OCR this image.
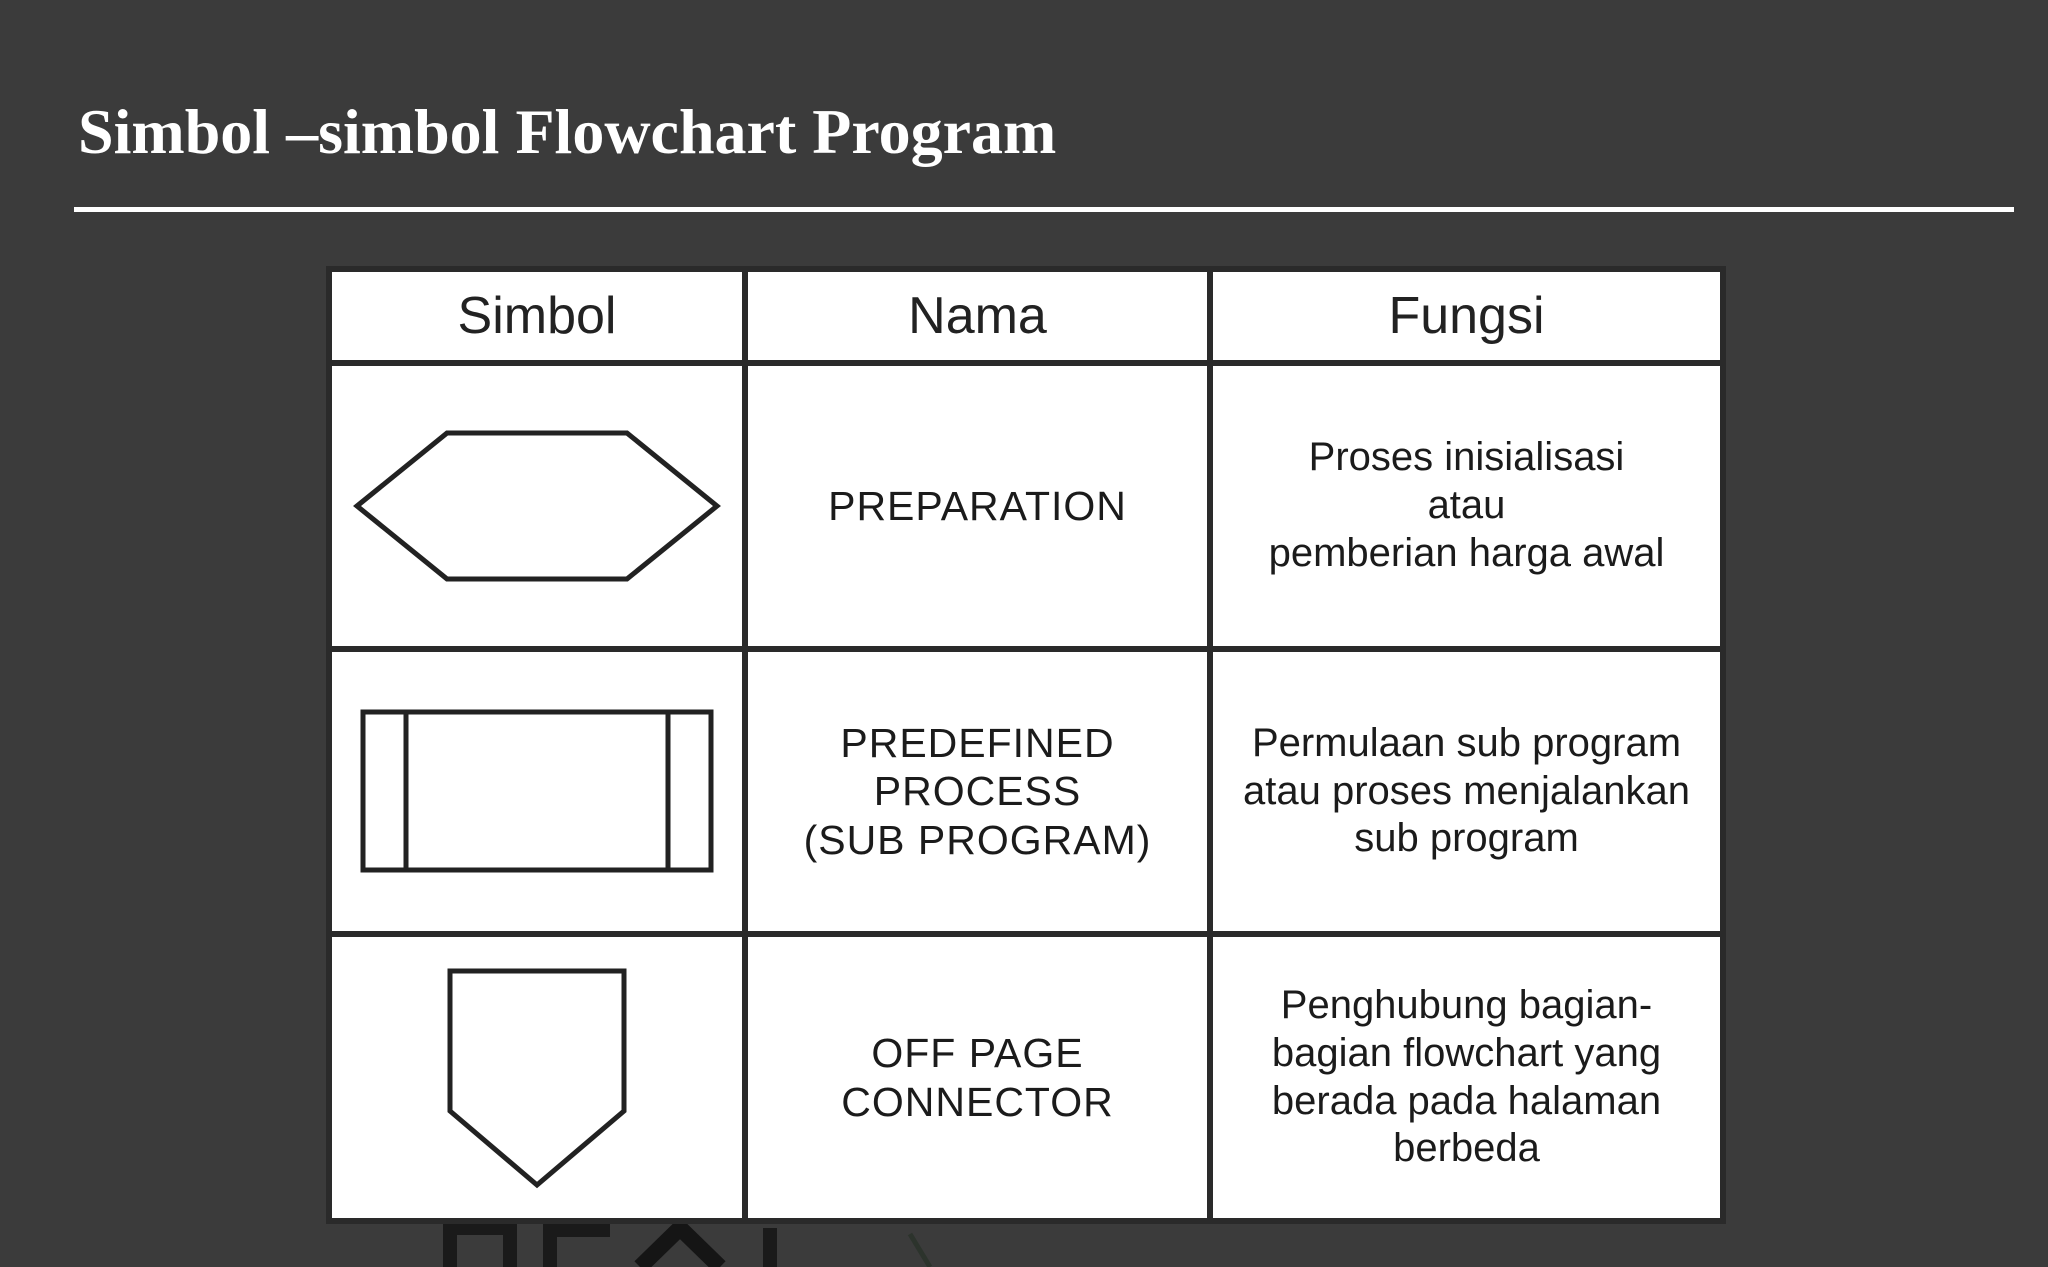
Simbol –simbol Flowchart Program
Simbol	Nama	Fungsi

PREPARATION	Proses inisialisasi
atau
pemberian harga awal

PREDEFINED
PROCESS
(SUB PROGRAM)	Permulaan sub program
atau proses menjalankan
sub program

OFF PAGE
CONNECTOR	Penghubung bagian-
bagian flowchart yang
berada pada halaman
berbeda
